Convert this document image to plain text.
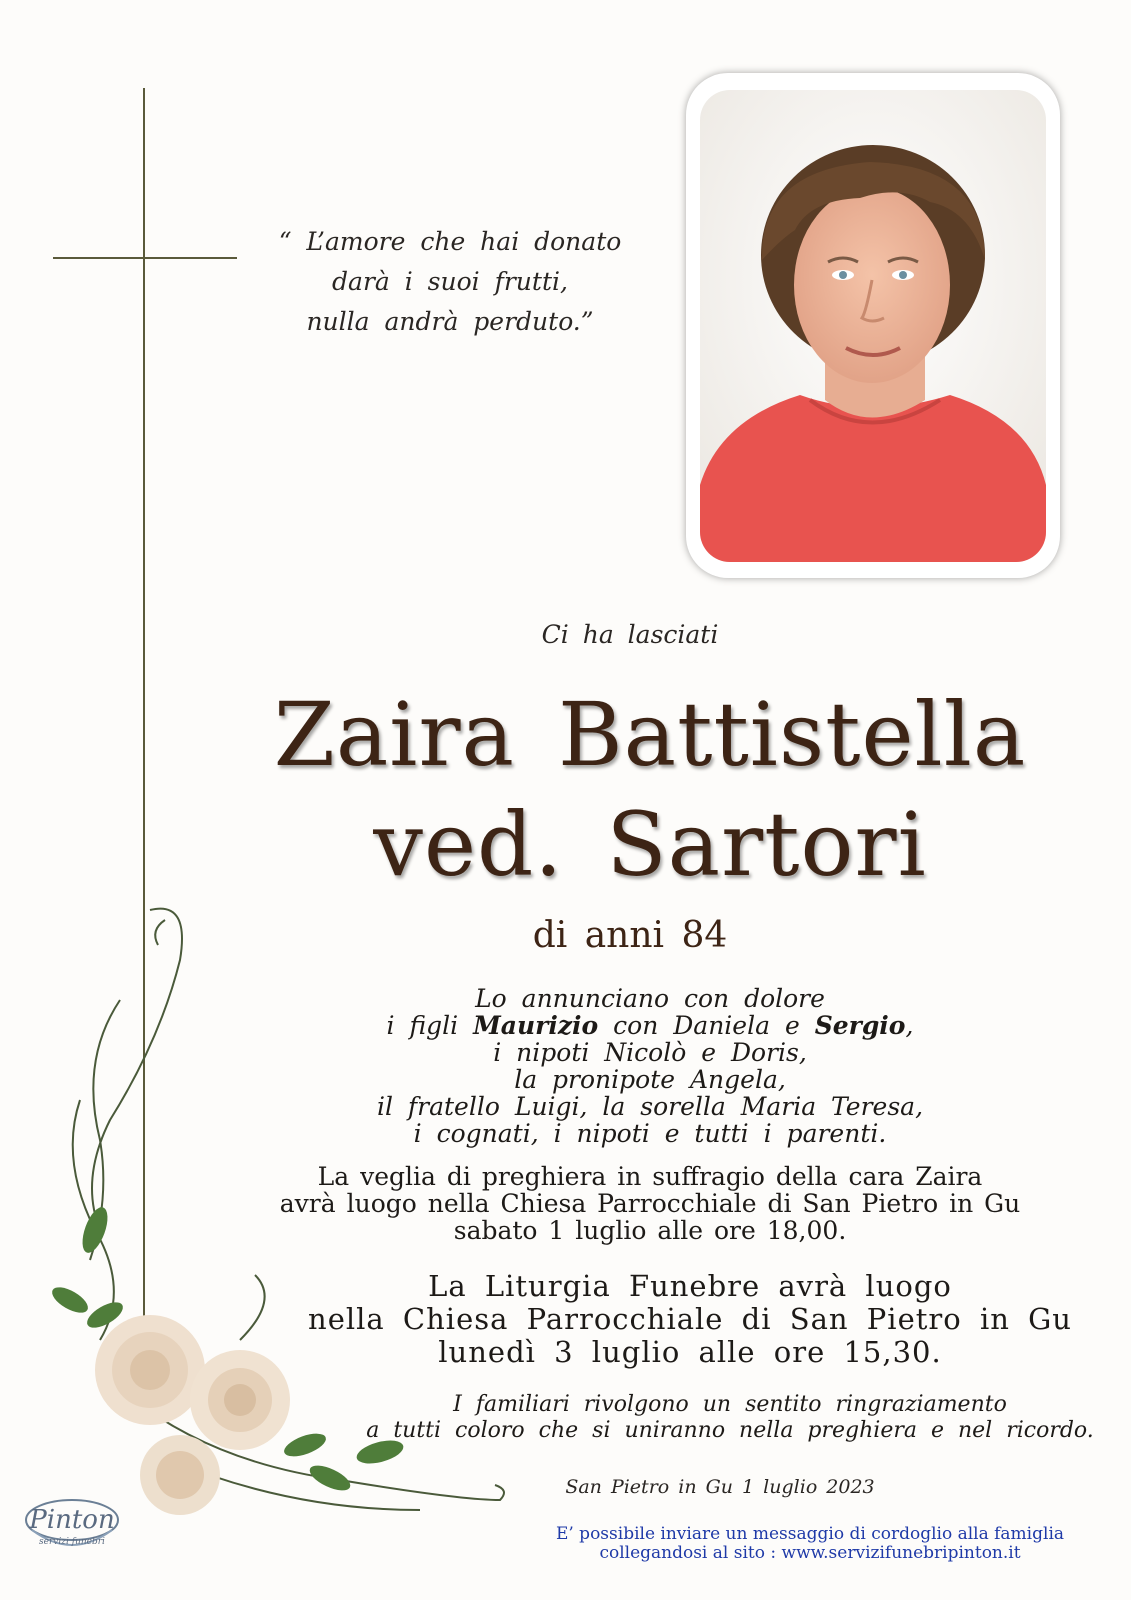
“ L’amore che hai donato
darà i suoi frutti,
nulla andrà perduto.”
Ci ha lasciati
Zaira Battistella
ved. Sartori
di anni 84
Lo annunciano con dolore
i figli Maurizio con Daniela e Sergio,
i nipoti Nicolò e Doris,
la pronipote Angela,
il fratello Luigi, la sorella Maria Teresa,
i cognati, i nipoti e tutti i parenti.
La veglia di preghiera in suffragio della cara Zaira
avrà luogo nella Chiesa Parrocchiale di San Pietro in Gu
sabato 1 luglio alle ore 18,00.
La Liturgia Funebre avrà luogo
nella Chiesa Parrocchiale di San Pietro in Gu
lunedì 3 luglio alle ore 15,30.
I familiari rivolgono un sentito ringraziamento
a tutti coloro che si uniranno nella preghiera e nel ricordo.
San Pietro in Gu 1 luglio 2023
E’ possibile inviare un messaggio di cordoglio alla famiglia
collegandosi al sito : www.servizifunebripinton.it
Pinton
servizi funebri
